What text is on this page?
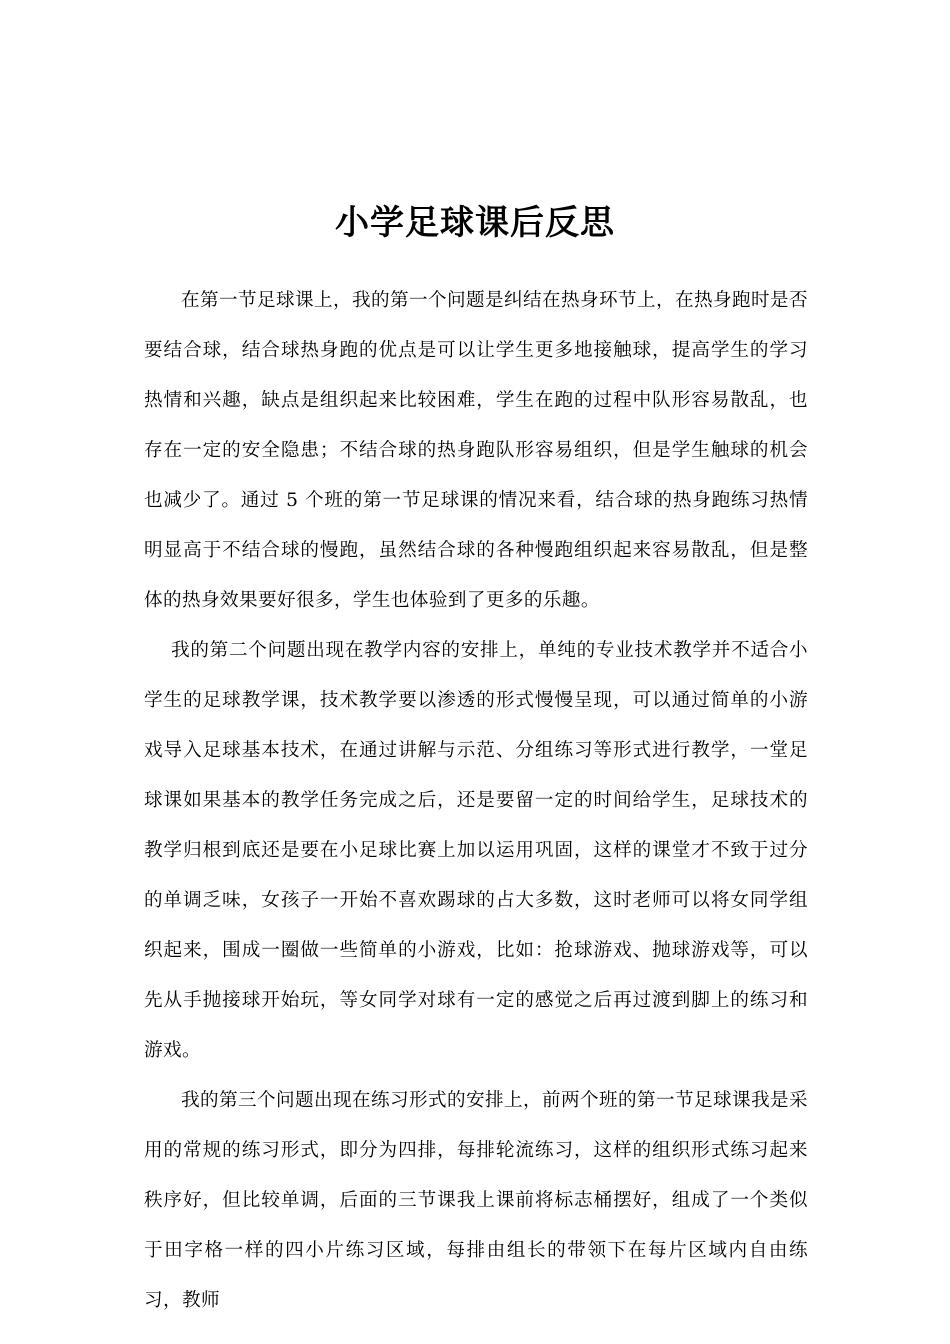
小学足球课后反思

在第一节足球课上，我的第一个问题是纠结在热身环节上，在热身跑时是否要结合球，结合球热身跑的优点是可以让学生更多地接触球，提高学生的学习热情和兴趣，缺点是组织起来比较困难，学生在跑的过程中队形容易散乱，也存在一定的安全隐患；不结合球的热身跑队形容易组织，但是学生触球的机会也减少了。通过 5 个班的第一节足球课的情况来看，结合球的热身跑练习热情明显高于不结合球的慢跑，虽然结合球的各种慢跑组织起来容易散乱，但是整体的热身效果要好很多，学生也体验到了更多的乐趣。

我的第二个问题出现在教学内容的安排上，单纯的专业技术教学并不适合小学生的足球教学课，技术教学要以渗透的形式慢慢呈现，可以通过简单的小游戏导入足球基本技术，在通过讲解与示范、分组练习等形式进行教学，一堂足球课如果基本的教学任务完成之后，还是要留一定的时间给学生，足球技术的教学归根到底还是要在小足球比赛上加以运用巩固，这样的课堂才不致于过分的单调乏味，女孩子一开始不喜欢踢球的占大多数，这时老师可以将女同学组织起来，围成一圈做一些简单的小游戏，比如：抢球游戏、抛球游戏等，可以先从手抛接球开始玩，等女同学对球有一定的感觉之后再过渡到脚上的练习和游戏。

我的第三个问题出现在练习形式的安排上，前两个班的第一节足球课我是采用的常规的练习形式，即分为四排，每排轮流练习，这样的组织形式练习起来秩序好，但比较单调，后面的三节课我上课前将标志桶摆好，组成了一个类似于田字格一样的四小片练习区域，每排由组长的带领下在每片区域内自由练习，教师
